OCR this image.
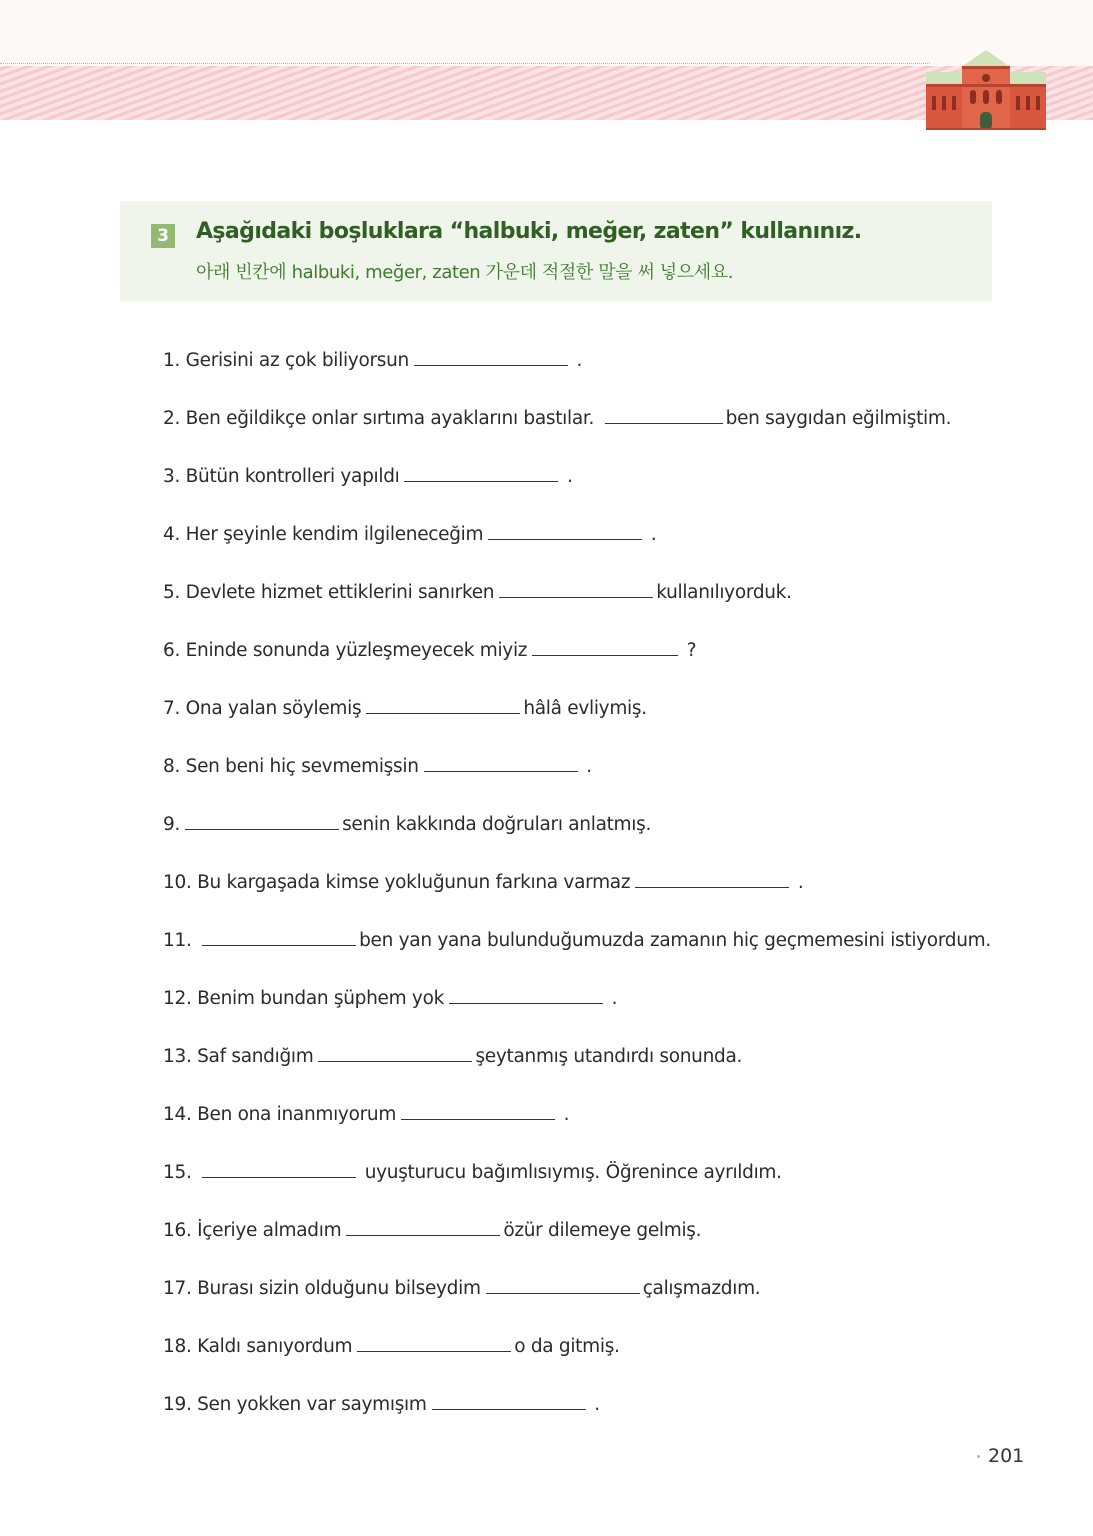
3 Aşağıdaki boşluklara “halbuki, meğer, zaten” kullanınız.
아래 빈칸에 halbuki, meğer, zaten 가운데 적절한 말을 써 넣으세요.
1. Gerisini az çok biliyorsun	.
2. Ben eğildikçe onlar sırtıma ayaklarını bastılar.	ben saygıdan eğilmiştim.
3. Bütün kontrolleri yapıldı	.
4. Her şeyinle kendim ilgileneceğim	.
5. Devlete hizmet ettiklerini sanırken	kullanılıyorduk.
6. Eninde sonunda yüzleşmeyecek miyiz	?
7. Ona yalan söylemiş	hâlâ evliymiş.
8. Sen beni hiç sevmemişsin	.
9.	senin kakkında doğruları anlatmış.
10. Bu kargaşada kimse yokluğunun farkına varmaz	.
11.	ben yan yana bulunduğumuzda zamanın hiç geçmemesini istiyordum.
12. Benim bundan şüphem yok	.
13. Saf sandığım	şeytanmış utandırdı sonunda.
14. Ben ona inanmıyorum	.
15.	uyuşturucu bağımlısıymış. Öğrenince ayrıldım.
16. İçeriye almadım	özür dilemeye gelmiş.
17. Burası sizin olduğunu bilseydim	çalışmazdım.
18. Kaldı sanıyordum	o da gitmiş.
19. Sen yokken var saymışım	.
201
